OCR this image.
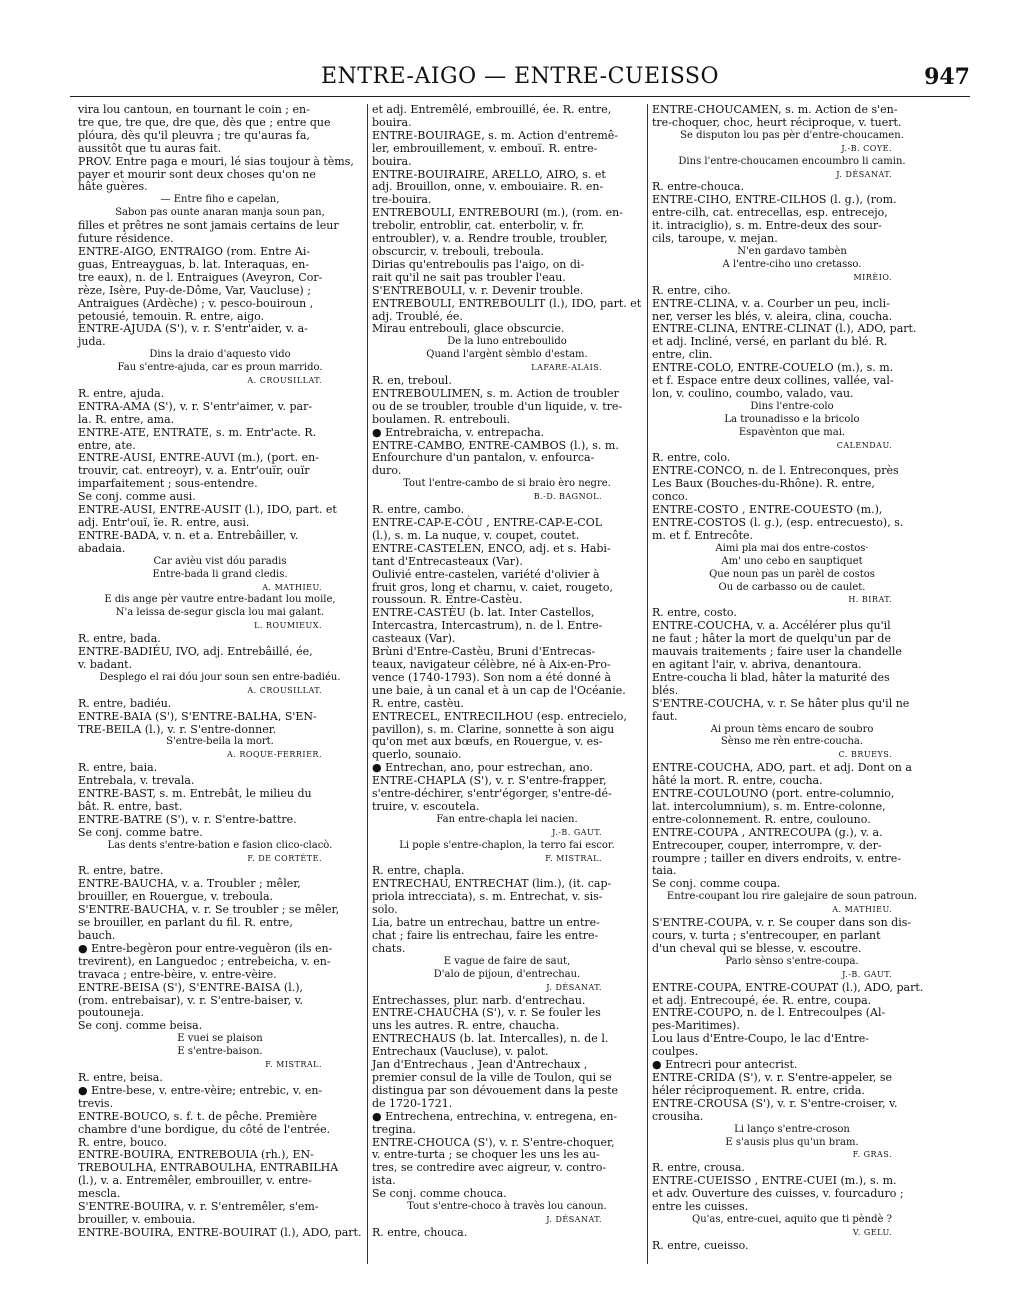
ENTRE-AIGO — ENTRE-CUEISSO	947
vira lou cantoun, en tournant le coin ; en-
tre que, tre que, dre que, dès que ; entre que
plóura, dès qu'il pleuvra ; tre qu'auras fa,
aussitôt que tu auras fait.
PROV. Entre paga e mouri, lé sias toujour à tèms,
payer et mourir sont deux choses qu'on ne
hâte guères.
— Entre fiho e capelan,
Sabon pas ounte anaran manja soun pan,
filles et prêtres ne sont jamais certains de leur
future résidence.
ENTRE-AIGO, ENTRAIGO (rom. Entre Ai-
guas, Entreayguas, b. lat. Interaquas, en-
tre eaux), n. de l. Entraigues (Aveyron, Cor-
rèze, Isère, Puy-de-Dôme, Var, Vaucluse) ;
Antraigues (Ardèche) ; v. pesco-bouiroun ,
petousié, temouin. R. entre, aigo.
ENTRE-AJUDA (S'), v. r. S'entr'aider, v. a-
juda.
Dins la draio d'aquesto vido
Fau s'entre-ajuda, car es proun marrido.
A. CROUSILLAT.
R. entre, ajuda.
ENTRA-AMA (S'), v. r. S'entr'aimer, v. par-
la. R. entre, ama.
ENTRE-ATE, ENTRATE, s. m. Entr'acte. R.
entre, ate.
ENTRE-AUSI, ENTRE-AUVI (m.), (port. en-
trouvir, cat. entreoyr), v. a. Entr'ouïr, ouïr
imparfaitement ; sous-entendre.
Se conj. comme ausi.
ENTRE-AUSI, ENTRE-AUSIT (l.), IDO, part. et
adj. Entr'ouï, ïe. R. entre, ausi.
ENTRE-BADA, v. n. et a. Entrebâiller, v.
abadaia.
Car avièu vist dóu paradis
Entre-bada li grand cledis.
A. MATHIEU.
E dis ange pèr vautre entre-badant lou moile,
N'a leissa de-segur giscla lou mai galant.
L. ROUMIEUX.
R. entre, bada.
ENTRE-BADIÉU, IVO, adj. Entrebâillé, ée,
v. badant.
Desplego el rai dóu jour soun sen entre-badiéu.
A. CROUSILLAT.
R. entre, badiéu.
ENTRE-BAIA (S'), S'ENTRE-BALHA, S'EN-
TRE-BEILA (l.), v. r. S'entre-donner.
S'entre-beila la mort.
A. ROQUE-FERRIER.
R. entre, baia.
Entrebala, v. trevala.
ENTRE-BAST, s. m. Entrebât, le milieu du
bât. R. entre, bast.
ENTRE-BATRE (S'), v. r. S'entre-battre.
Se conj. comme batre.
Las dents s'entre-bation e fasion clico-clacò.
F. DE CORTÈTE.
R. entre, batre.
ENTRE-BAUCHA, v. a. Troubler ; mêler,
brouiller, en Rouergue, v. treboula.
S'ENTRE-BAUCHA, v. r. Se troubler ; se mêler,
se brouiller, en parlant du fil. R. entre,
bauch.
● Entre-begèron pour entre-veguèron (ils en-
trevirent), en Languedoc ; entrebeicha, v. en-
travaca ; entre-bèire, v. entre-vèire.
ENTRE-BEISA (S'), S'ENTRE-BAISA (l.),
(rom. entrebaisar), v. r. S'entre-baiser, v.
poutouneja.
Se conj. comme beisa.
E vuei se plaison
E s'entre-baison.
F. MISTRAL.
R. entre, beisa.
● Entre-bese, v. entre-vèire; entrebic, v. en-
trevis.
ENTRE-BOUCO, s. f. t. de pêche. Première
chambre d'une bordigue, du côté de l'entrée.
R. entre, bouco.
ENTRE-BOUIRA, ENTREBOUIA (rh.), EN-
TREBOULHA, ENTRABOULHA, ENTRABILHA
(l.), v. a. Entremêler, embrouiller, v. entre-
mescla.
S'ENTRE-BOUIRA, v. r. S'entremêler, s'em-
brouiller, v. embouia.
ENTRE-BOUIRA, ENTRE-BOUIRAT (l.), ADO, part.
et adj. Entremêlé, embrouillé, ée. R. entre,
bouira.
ENTRE-BOUIRAGE, s. m. Action d'entremê-
ler, embrouillement, v. embouï. R. entre-
bouira.
ENTRE-BOUIRAIRE, ARELLO, AIRO, s. et
adj. Brouillon, onne, v. embouiaire. R. en-
tre-bouira.
ENTREBOULI, ENTREBOURI (m.), (rom. en-
trebolir, entroblir, cat. enterbolir, v. fr.
entroubler), v. a. Rendre trouble, troubler,
obscurcir, v. trebouli, treboula.
Dirias qu'entreboulis pas l'aigo, on di-
rait qu'il ne sait pas troubler l'eau.
S'ENTREBOULI, v. r. Devenir trouble.
ENTREBOULI, ENTREBOULIT (l.), IDO, part. et
adj. Troublé, ée.
Mirau entrebouli, glace obscurcie.
De la luno entreboulido
Quand l'argènt sèmblo d'estam.
LAFARE-ALAIS.
R. en, treboul.
ENTREBOULIMEN, s. m. Action de troubler
ou de se troubler, trouble d'un liquide, v. tre-
boulamen. R. entrebouli.
● Entrebraicha, v. entrepacha.
ENTRE-CAMBO, ENTRE-CAMBOS (l.), s. m.
Enfourchure d'un pantalon, v. enfourca-
duro.
Tout l'entre-cambo de si braio èro negre.
B.-D. BAGNOL.
R. entre, cambo.
ENTRE-CAP-E-CÒU , ENTRE-CAP-E-COL
(l.), s. m. La nuque, v. coupet, coutet.
ENTRE-CASTELEN, ENCO, adj. et s. Habi-
tant d'Entrecasteaux (Var).
Oulivié entre-castelen, variété d'olivier à
fruit gros, long et charnu, v. caiet, rougeto,
roussoun. R. Entre-Castèu.
ENTRE-CASTÈU (b. lat. Inter Castellos,
Intercastra, Intercastrum), n. de l. Entre-
casteaux (Var).
Brùni d'Entre-Castèu, Bruni d'Entrecas-
teaux, navigateur célèbre, né à Aix-en-Pro-
vence (1740-1793). Son nom a été donné à
une baie, à un canal et à un cap de l'Océanie.
R. entre, castèu.
ENTRECEL, ENTRECILHOU (esp. entrecielo,
pavillon), s. m. Clarine, sonnette à son aigu
qu'on met aux bœufs, en Rouergue, v. es-
querlo, sounaio.
● Entrechan, ano, pour estrechan, ano.
ENTRE-CHAPLA (S'), v. r. S'entre-frapper,
s'entre-déchirer, s'entr'égorger, s'entre-dé-
truire, v. escoutela.
Fan entre-chapla lei nacien.
J.-B. GAUT.
Li pople s'entre-chaplon, la terro fai escor.
F. MISTRAL.
R. entre, chapla.
ENTRECHAU, ENTRECHAT (lim.), (it. cap-
priola intrecciata), s. m. Entrechat, v. sis-
solo.
Lia, batre un entrechau, battre un entre-
chat ; faire lis entrechau, faire les entre-
chats.
E vague de faire de saut,
D'alo de pijoun, d'entrechau.
J. DÉSANAT.
Entrechasses, plur. narb. d'entrechau.
ENTRE-CHAUCHA (S'), v. r. Se fouler les
uns les autres. R. entre, chaucha.
ENTRECHAUS (b. lat. Intercalles), n. de l.
Entrechaux (Vaucluse), v. palot.
Jan d'Entrechaus , Jean d'Antrechaux ,
premier consul de la ville de Toulon, qui se
distingua par son dévouement dans la peste
de 1720-1721.
● Entrechena, entrechina, v. entregena, en-
tregina.
ENTRE-CHOUCA (S'), v. r. S'entre-choquer,
v. entre-turta ; se choquer les uns les au-
tres, se contredire avec aigreur, v. contro-
ista.
Se conj. comme chouca.
Tout s'entre-choco à travès lou canoun.
J. DÉSANAT.
R. entre, chouca.
ENTRE-CHOUCAMEN, s. m. Action de s'en-
tre-choquer, choc, heurt réciproque, v. tuert.
Se disputon lou pas pèr d'entre-choucamen.
J.-B. COYE.
Dins l'entre-choucamen encoumbro li camin.
J. DÉSANAT.
R. entre-chouca.
ENTRE-CIHO, ENTRE-CILHOS (l. g.), (rom.
entre-cilh, cat. entrecellas, esp. entrecejo,
it. intraciglio), s. m. Entre-deux des sour-
cils, taroupe, v. mejan.
N'en gardavo tambèn
A l'entre-ciho uno cretasso.
MIRÈIO.
R. entre, ciho.
ENTRE-CLINA, v. a. Courber un peu, incli-
ner, verser les blés, v. aleira, clina, coucha.
ENTRE-CLINA, ENTRE-CLINAT (l.), ADO, part.
et adj. Incliné, versé, en parlant du blé. R.
entre, clin.
ENTRE-COLO, ENTRE-COUELO (m.), s. m.
et f. Espace entre deux collines, vallée, val-
lon, v. coulino, coumbo, valado, vau.
Dins l'entre-colo
La trounadisso e la bricolo
Espavènton que mai.
CALENDAU.
R. entre, colo.
ENTRE-CONCO, n. de l. Entreconques, près
Les Baux (Bouches-du-Rhône). R. entre,
conco.
ENTRE-COSTO , ENTRE-COUESTO (m.),
ENTRE-COSTOS (l. g.), (esp. entrecuesto), s.
m. et f. Entrecôte.
Aimi pla mai dos entre-costos·
Am' uno cebo en sauptiquet
Que noun pas un parèl de costos
Ou de carbasso ou de caulet.
H. BIRAT.
R. entre, costo.
ENTRE-COUCHA, v. a. Accélérer plus qu'il
ne faut ; hâter la mort de quelqu'un par de
mauvais traitements ; faire user la chandelle
en agitant l'air, v. abriva, denantoura.
Entre-coucha li blad, hâter la maturité des
blés.
S'ENTRE-COUCHA, v. r. Se hâter plus qu'il ne
faut.
Ai proun tèms encaro de soubro
Sènso me rèn entre-coucha.
C. BRUEYS.
ENTRE-COUCHA, ADO, part. et adj. Dont on a
hâté la mort. R. entre, coucha.
ENTRE-COULOUNO (port. entre-columnio,
lat. intercolumnium), s. m. Entre-colonne,
entre-colonnement. R. entre, coulouno.
ENTRE-COUPA , ANTRECOUPA (g.), v. a.
Entrecouper, couper, interrompre, v. der-
roumpre ; tailler en divers endroits, v. entre-
taia.
Se conj. comme coupa.
Entre-coupant lou rire galejaire de soun patroun.
A. MATHIEU.
S'ENTRE-COUPA, v. r. Se couper dans son dis-
cours, v. turta ; s'entrecouper, en parlant
d'un cheval qui se blesse, v. escoutre.
Parlo sènso s'entre-coupa.
J.-B. GAUT.
ENTRE-COUPA, ENTRE-COUPAT (l.), ADO, part.
et adj. Entrecoupé, ée. R. entre, coupa.
ENTRE-COUPO, n. de l. Entrecoulpes (Al-
pes-Maritimes).
Lou laus d'Entre-Coupo, le lac d'Entre-
coulpes.
● Entrecri pour antecrist.
ENTRE-CRIDA (S'), v. r. S'entre-appeler, se
héler réciproquement. R. entre, crida.
ENTRE-CROUSA (S'), v. r. S'entre-croiser, v.
crousiha.
Li lanço s'entre-croson
E s'ausis plus qu'un bram.
F. GRAS.
R. entre, crousa.
ENTRE-CUEISSO , ENTRE-CUEI (m.), s. m.
et adv. Ouverture des cuisses, v. fourcaduro ;
entre les cuisses.
Qu'as, entre-cuei, aquito que ti pèndè ?
V. GELU.
R. entre, cueisso.
